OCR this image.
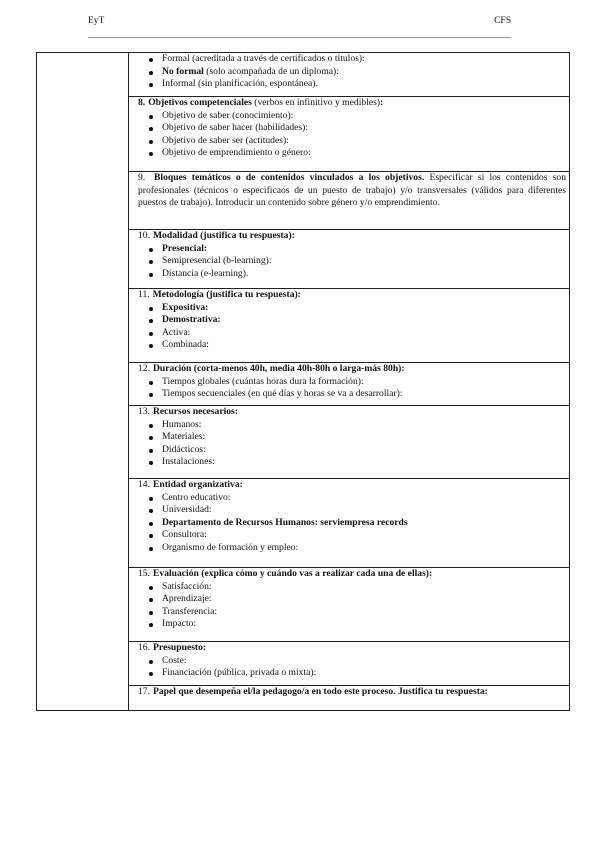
EyT	CFS
Formal (acreditada a través de certificados o títulos):
No formal (solo acompañada de un diploma):
Informal (sin planificación, espontánea).
8. Objetivos competenciales (verbos en infinitivo y medibles):
Objetivo de saber (conocimiento):
Objetivo de saber hacer (habilidades):
Objetivo de saber ser (actitudes):
Objetivo de emprendimiento o género:
9. Bloques temáticos o de contenidos vinculados a los objetivos. Especificar si los contenidos son profesionales (técnicos o especificaos de un puesto de trabajo) y/o transversales (válidos para diferentes puestos de trabajo). Introducir un contenido sobre género y/o emprendimiento.
10. Modalidad (justifica tu respuesta):
Presencial:
Semipresencial (b-learning):
Distancia (e-learning).
11. Metodología (justifica tu respuesta):
Expositiva:
Demostrativa:
Activa:
Combinada:
12. Duración (corta-menos 40h, media 40h-80h o larga-más 80h):
Tiempos globales (cuántas horas dura la formación):
Tiempos secuenciales (en qué días y horas se va a desarrollar):
13. Recursos necesarios:
Humanos:
Materiales:
Didácticos:
Instalaciones:
14. Entidad organizativa:
Centro educativo:
Universidad:
Departamento de Recursos Humanos: serviempresa records
Consultora:
Organismo de formación y empleo:
15. Evaluación (explica cómo y cuándo vas a realizar cada una de ellas):
Satisfacción:
Aprendizaje:
Transferencia:
Impacto:
16. Presupuesto:
Coste:
Financiación (pública, privada o mixta):
17. Papel que desempeña el/la pedagogo/a en todo este proceso. Justifica tu respuesta:
